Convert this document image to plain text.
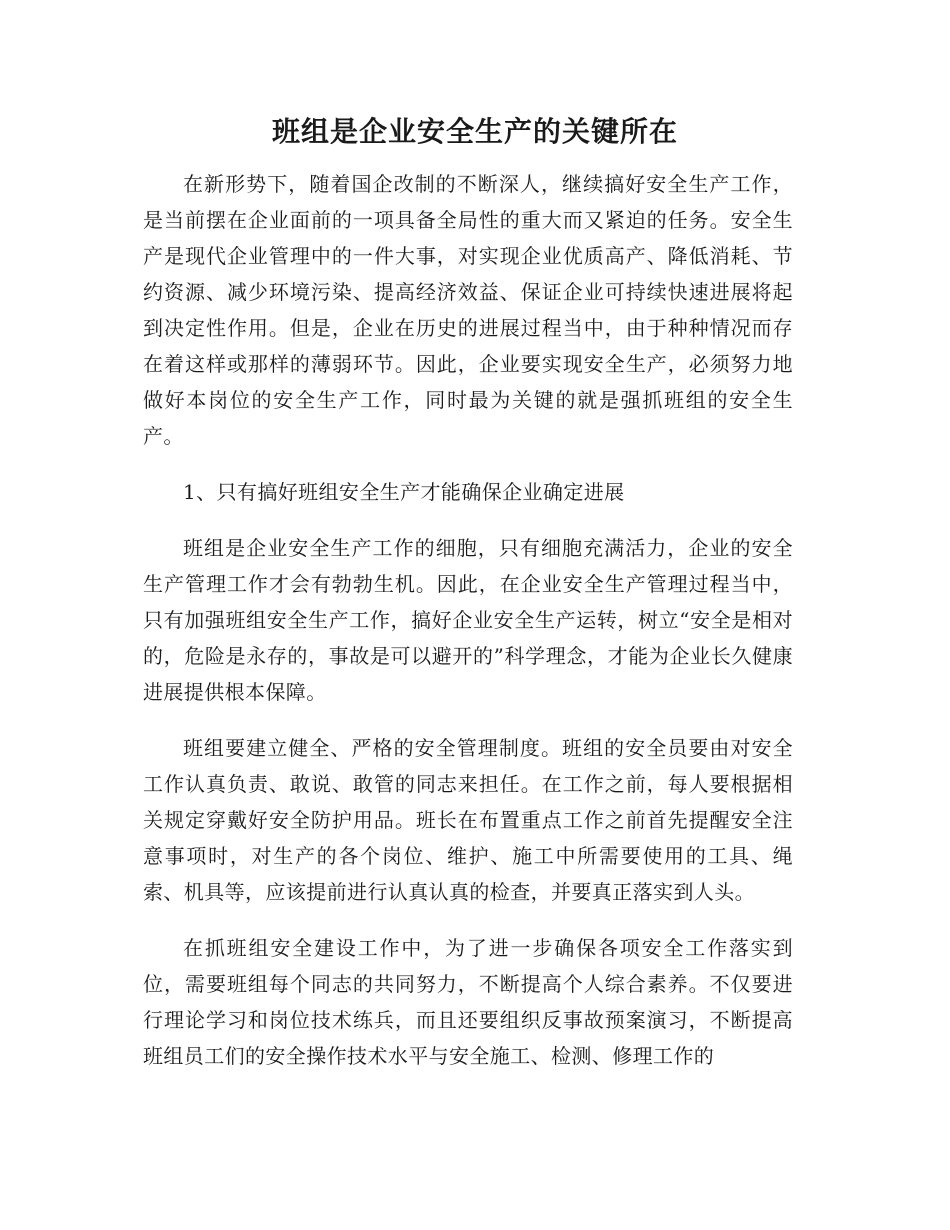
班组是企业安全生产的关键所在

在新形势下，随着国企改制的不断深人，继续搞好安全生产工作，是当前摆在企业面前的一项具备全局性的重大而又紧迫的任务。安全生产是现代企业管理中的一件大事，对实现企业优质高产、降低消耗、节约资源、减少环境污染、提高经济效益、保证企业可持续快速进展将起到决定性作用。但是，企业在历史的进展过程当中，由于种种情况而存在着这样或那样的薄弱环节。因此，企业要实现安全生产，必须努力地做好本岗位的安全生产工作，同时最为关键的就是强抓班组的安全生产。

1、只有搞好班组安全生产才能确保企业确定进展

班组是企业安全生产工作的细胞，只有细胞充满活力，企业的安全生产管理工作才会有勃勃生机。因此，在企业安全生产管理过程当中，只有加强班组安全生产工作，搞好企业安全生产运转，树立“安全是相对的，危险是永存的，事故是可以避开的”科学理念，才能为企业长久健康进展提供根本保障。

班组要建立健全、严格的安全管理制度。班组的安全员要由对安全工作认真负责、敢说、敢管的同志来担任。在工作之前，每人要根据相关规定穿戴好安全防护用品。班长在布置重点工作之前首先提醒安全注意事项时，对生产的各个岗位、维护、施工中所需要使用的工具、绳索、机具等，应该提前进行认真认真的检查，并要真正落实到人头。

在抓班组安全建设工作中，为了进一步确保各项安全工作落实到位，需要班组每个同志的共同努力，不断提高个人综合素养。不仅要进行理论学习和岗位技术练兵，而且还要组织反事故预案演习，不断提高班组员工们的安全操作技术水平与安全施工、检测、修理工作的
